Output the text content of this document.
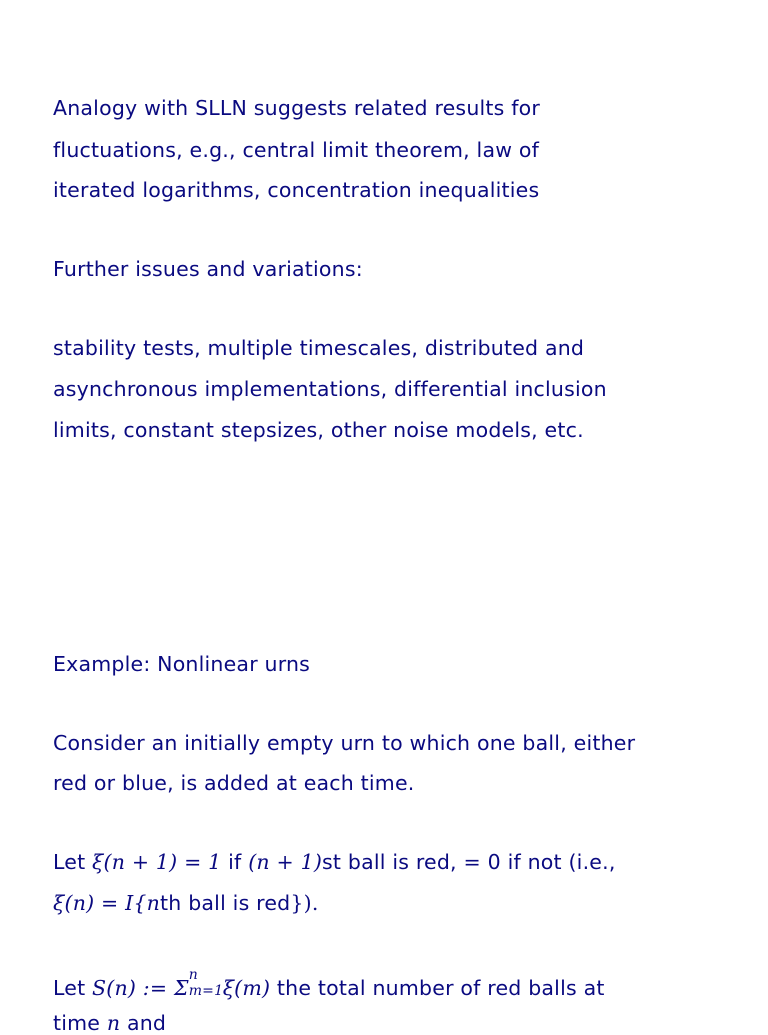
Analogy with SLLN suggests related results for
fluctuations, e.g., central limit theorem, law of
iterated logarithms, concentration inequalities
Further issues and variations:
stability tests, multiple timescales, distributed and
asynchronous implementations, differential inclusion
limits, constant stepsizes, other noise models, etc.
Example: Nonlinear urns
Consider an initially empty urn to which one ball, either
red or blue, is added at each time.
Let ξ(n + 1) = 1 if (n + 1)st ball is red, = 0 if not (i.e.,
ξ(n) = I{nth ball is red}).
Let S(n) := Σ
n
m=1 ξ(m) the total number of red balls at
time n and
